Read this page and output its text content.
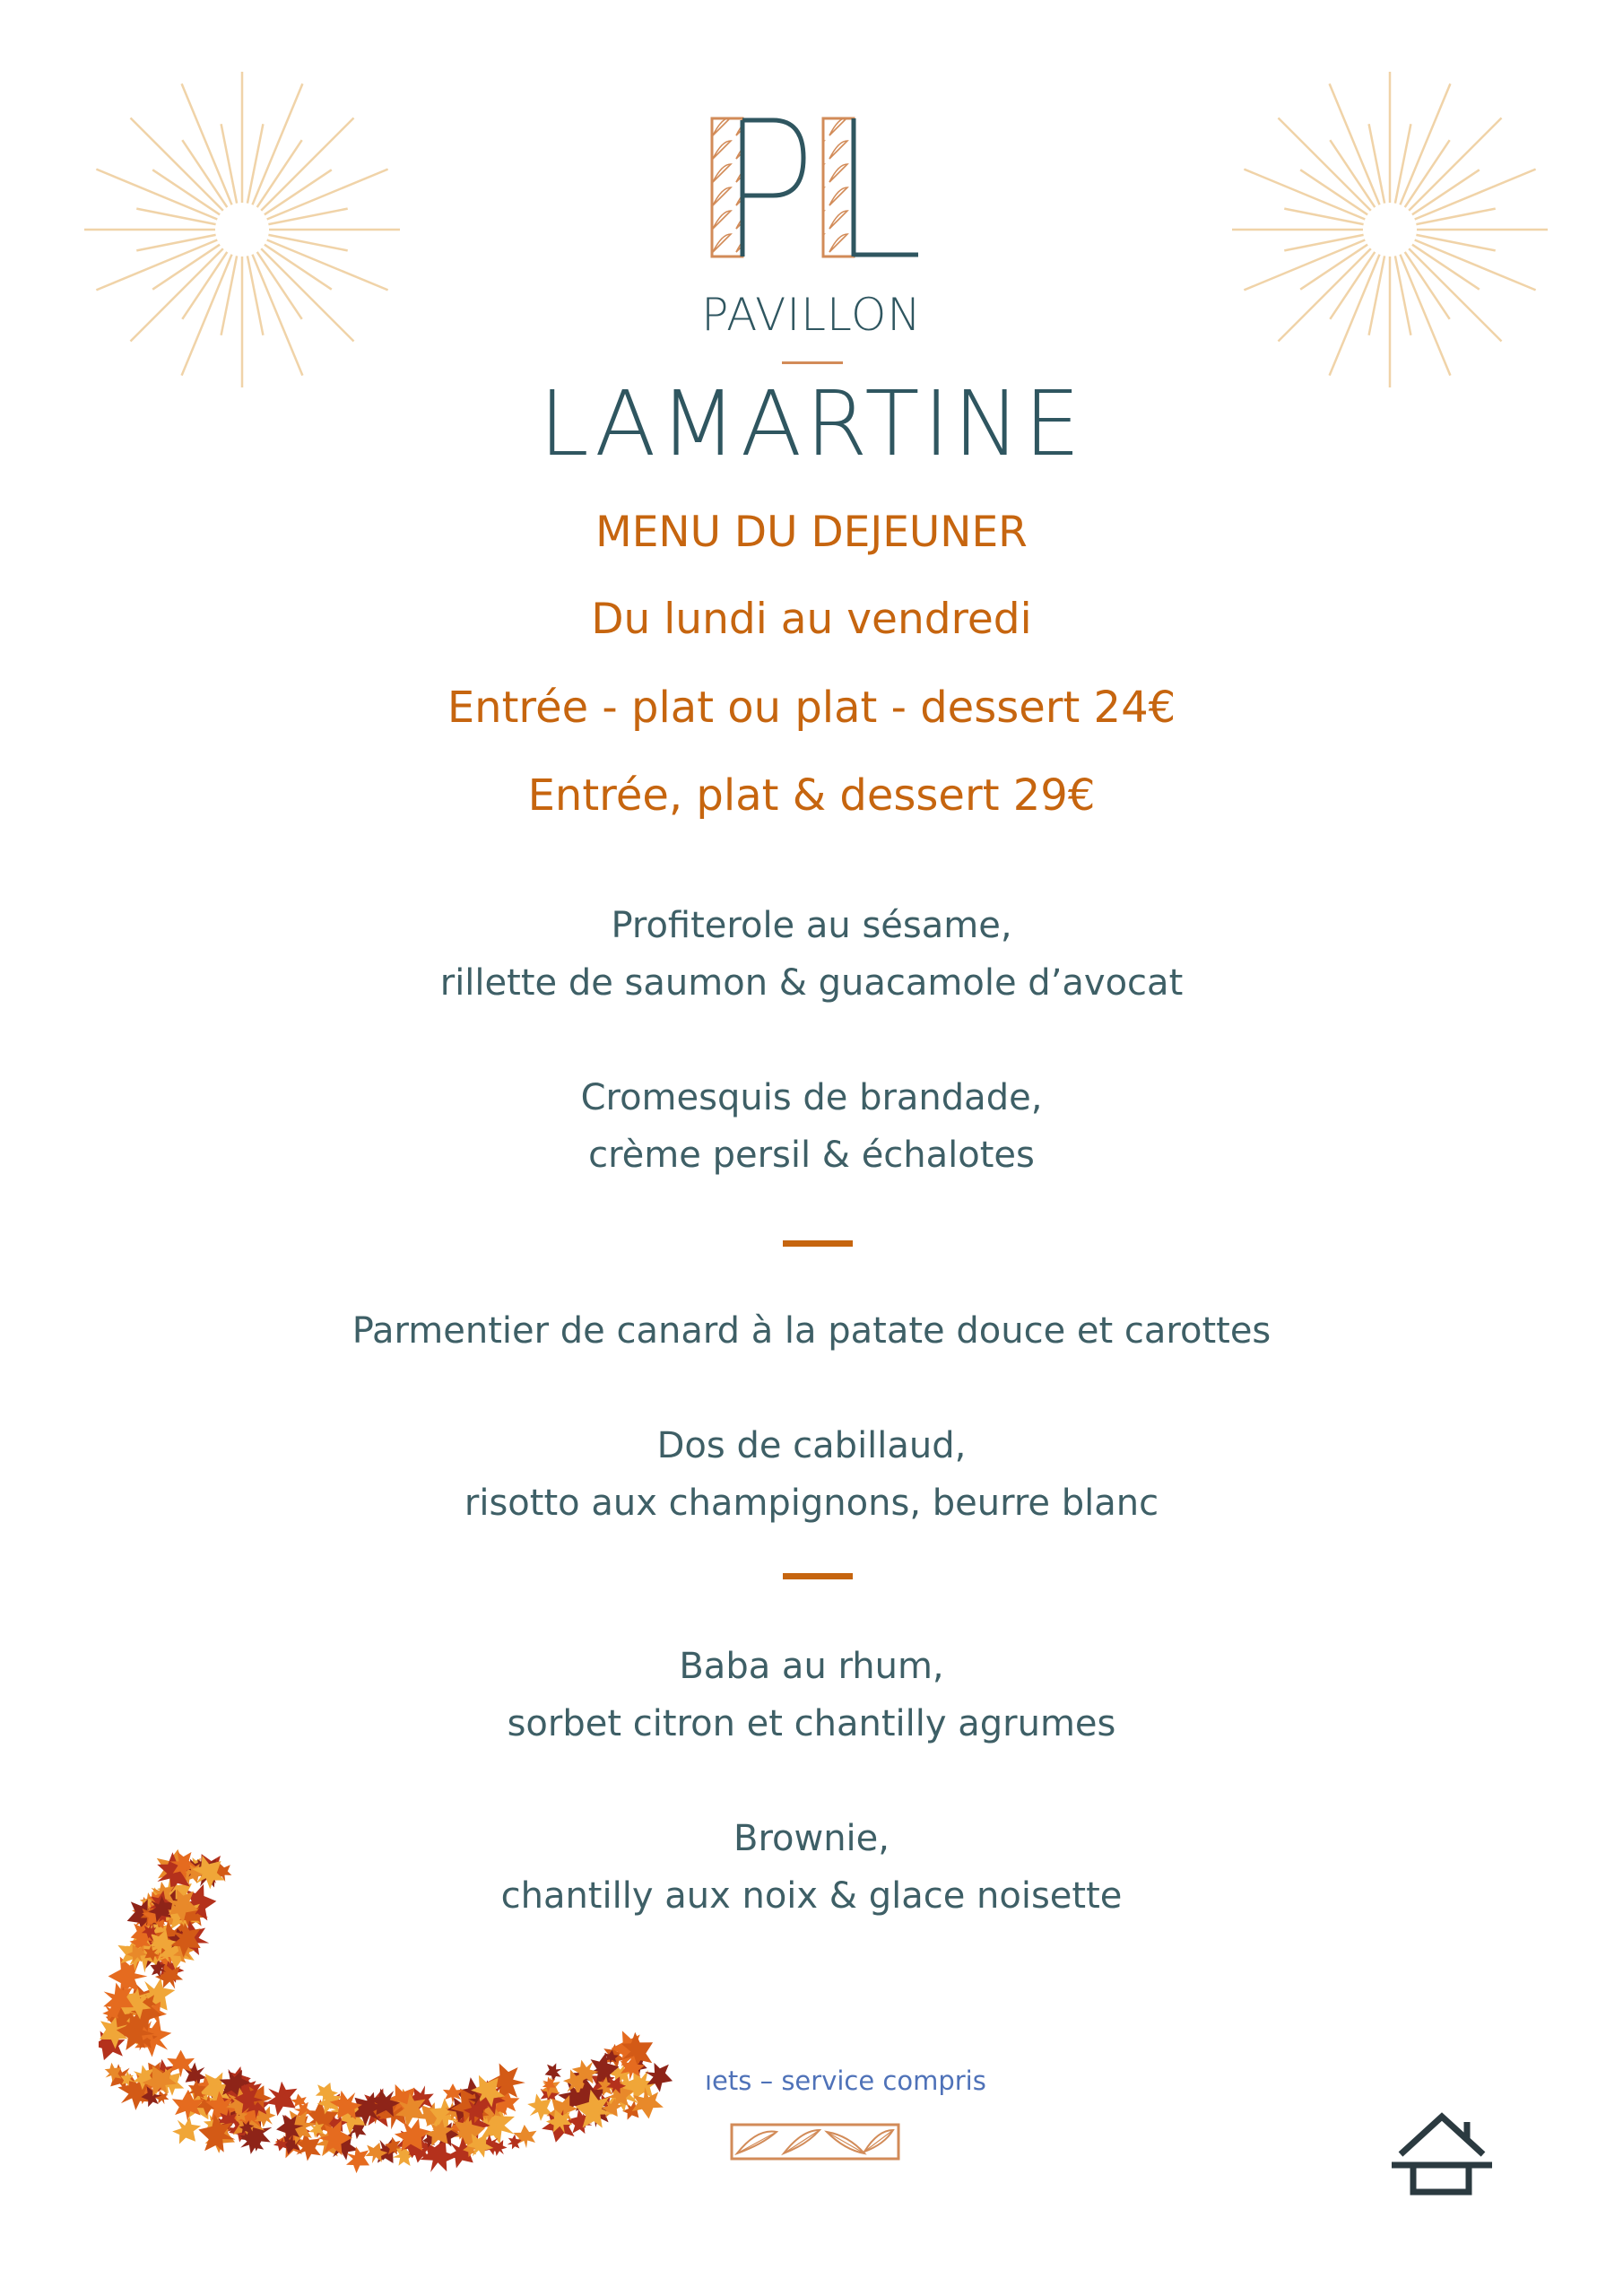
PAVILLON
LAMARTINE
MENU DU DEJEUNER
Du lundi au vendredi
Entrée - plat ou plat - dessert 24€
Entrée, plat & dessert 29€
Profiterole au sésame,
rillette de saumon & guacamole d’avocat
Cromesquis de brandade,
crème persil & échalotes
Parmentier de canard à la patate douce et carottes
Dos de cabillaud,
risotto aux champignons, beurre blanc
Baba au rhum,
sorbet citron et chantilly agrumes
Brownie,
chantilly aux noix & glace noisette
ıets – service compris
